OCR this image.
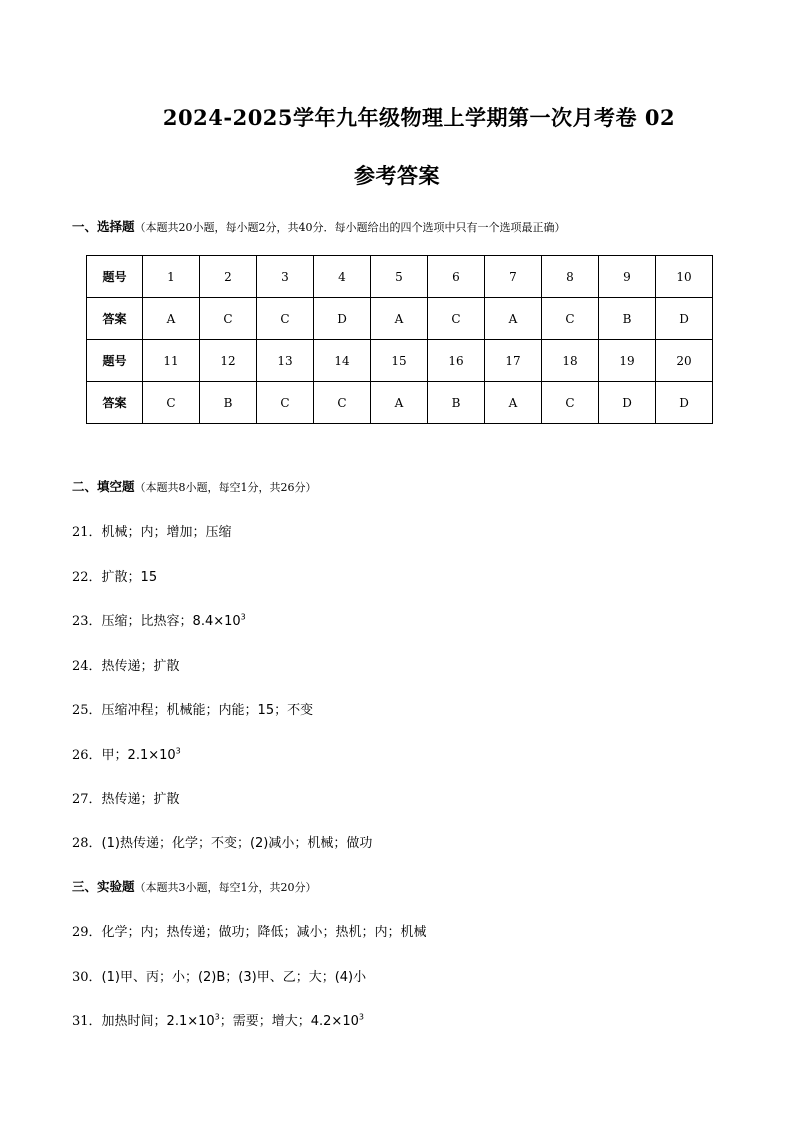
2024-2025学年九年级物理上学期第一次月考卷 02
参考答案
一、选择题（本题共20小题，每小题2分，共40分．每小题给出的四个选项中只有一个选项最正确）
题号	1	2	3	4	5	6	7	8	9	10
答案	A	C	C	D	A	C	A	C	B	D
题号	11	12	13	14	15	16	17	18	19	20
答案	C	B	C	C	A	B	A	C	D	D
二、填空题（本题共8小题，每空1分，共26分）
21．机械；内；增加；压缩
22．扩散；15
23．压缩；比热容；$8.4\times 10^3$
24．热传递；扩散
25．压缩冲程；机械能；内能；15；不变
26．甲；$2.1\times 10^3$
27．热传递；扩散
28．(1)热传递；化学；不变；(2)减小；机械；做功
三、实验题（本题共3小题，每空1分，共20分）
29．化学；内；热传递；做功；降低；减小；热机；内；机械
30．(1)甲、丙；小；(2)B；(3)甲、乙；大；(4)小
31．加热时间；$2.1\times 10^3$；需要；增大；$4.2\times 10^3$
